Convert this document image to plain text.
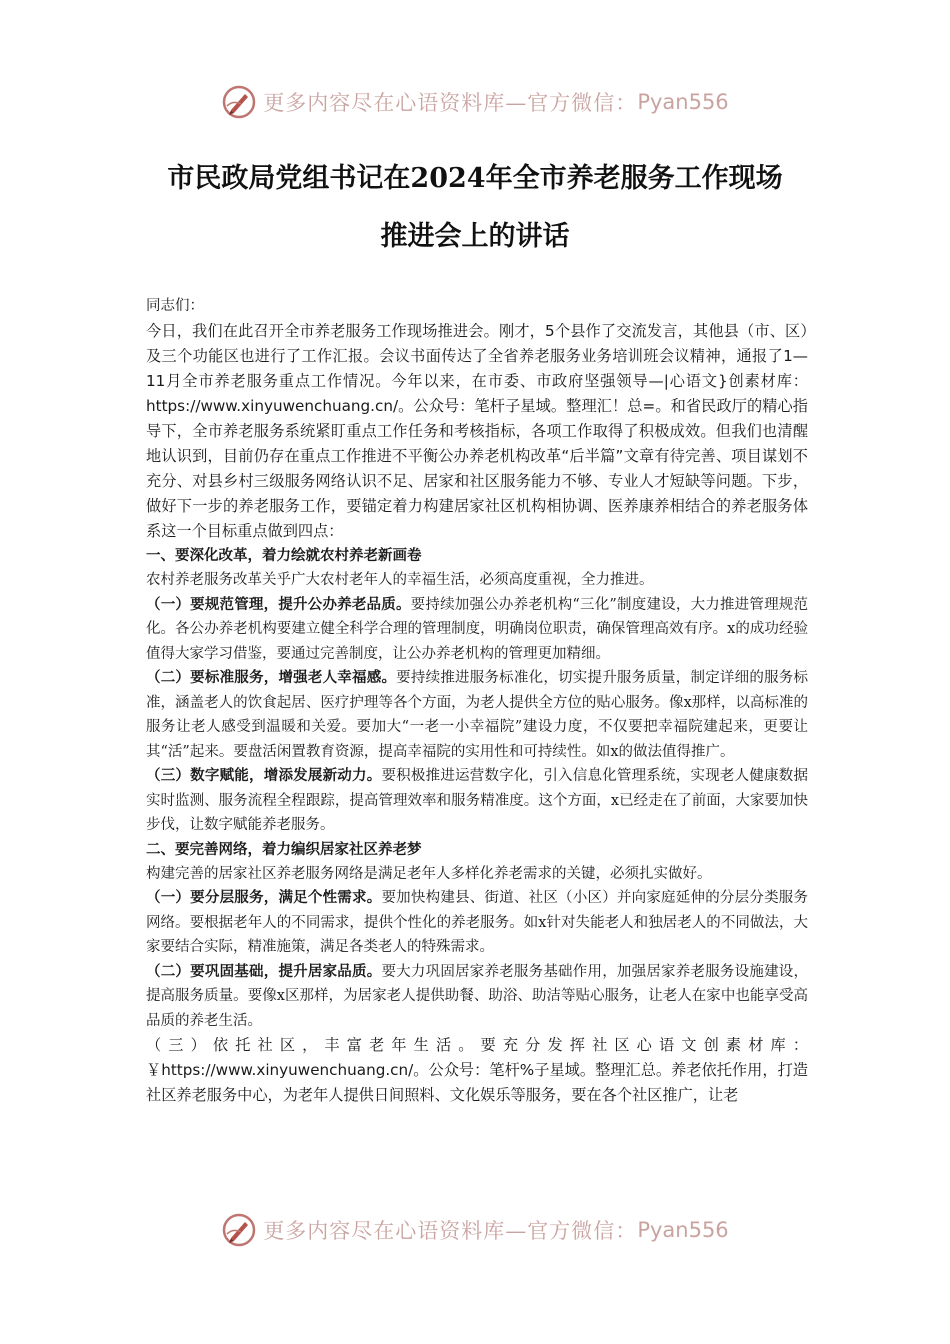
更多内容尽在心语资料库—官方微信： Pyan556
市民政局党组书记在2024年全市养老服务工作现场
推进会上的讲话

同志们：

今日，我们在此召开全市养老服务工作现场推进会。刚才，5个县作了交流发言，其他县（市、区）及三个功能区也进行了工作汇报。会议书面传达了全省养老服务业务培训班会议精神，通报了1—11月全市养老服务重点工作情况。今年以来，在市委、市政府坚强领导—|心语文}创素材库：https://www.xinyuwenchuang.cn/。公众号：笔杆子星域。整理汇！总=。和省民政厅的精心指导下，全市养老服务系统紧盯重点工作任务和考核指标，各项工作取得了积极成效。但我们也清醒地认识到，目前仍存在重点工作推进不平衡公办养老机构改革“后半篇”文章有待完善、项目谋划不充分、对县乡村三级服务网络认识不足、居家和社区服务能力不够、专业人才短缺等问题。下步，做好下一步的养老服务工作，要锚定着力构建居家社区机构相协调、医养康养相结合的养老服务体系这一个目标重点做到四点：

一、要深化改革，着力绘就农村养老新画卷

农村养老服务改革关乎广大农村老年人的幸福生活，必须高度重视，全力推进。

（一）要规范管理，提升公办养老品质。要持续加强公办养老机构“三化”制度建设，大力推进管理规范化。各公办养老机构要建立健全科学合理的管理制度，明确岗位职责，确保管理高效有序。x的成功经验值得大家学习借鉴，要通过完善制度，让公办养老机构的管理更加精细。

（二）要标准服务，增强老人幸福感。要持续推进服务标准化，切实提升服务质量，制定详细的服务标准，涵盖老人的饮食起居、医疗护理等各个方面，为老人提供全方位的贴心服务。像x那样，以高标准的服务让老人感受到温暖和关爱。要加大“一老一小幸福院”建设力度，不仅要把幸福院建起来，更要让其“活”起来。要盘活闲置教育资源，提高幸福院的实用性和可持续性。如x的做法值得推广。

（三）数字赋能，增添发展新动力。要积极推进运营数字化，引入信息化管理系统，实现老人健康数据实时监测、服务流程全程跟踪，提高管理效率和服务精准度。这个方面，x已经走在了前面，大家要加快步伐，让数字赋能养老服务。

二、要完善网络，着力编织居家社区养老梦

构建完善的居家社区养老服务网络是满足老年人多样化养老需求的关键，必须扎实做好。

（一）要分层服务，满足个性需求。要加快构建县、街道、社区（小区）并向家庭延伸的分层分类服务网络。要根据老年人的不同需求，提供个性化的养老服务。如x针对失能老人和独居老人的不同做法，大家要结合实际，精准施策，满足各类老人的特殊需求。

（二）要巩固基础，提升居家品质。要大力巩固居家养老服务基础作用，加强居家养老服务设施建设，提高服务质量。要像x区那样，为居家老人提供助餐、助浴、助洁等贴心服务，让老人在家中也能享受高品质的养老生活。

（三）依托社区，丰富老年生活。要充分发挥社区心语文创素材库：￥https://www.xinyuwenchuang.cn/。公众号：笔杆%子星域。整理汇总。养老依托作用，打造社区养老服务中心，为老年人提供日间照料、文化娱乐等服务，要在各个社区推广，让老

更多内容尽在心语资料库—官方微信： Pyan556
